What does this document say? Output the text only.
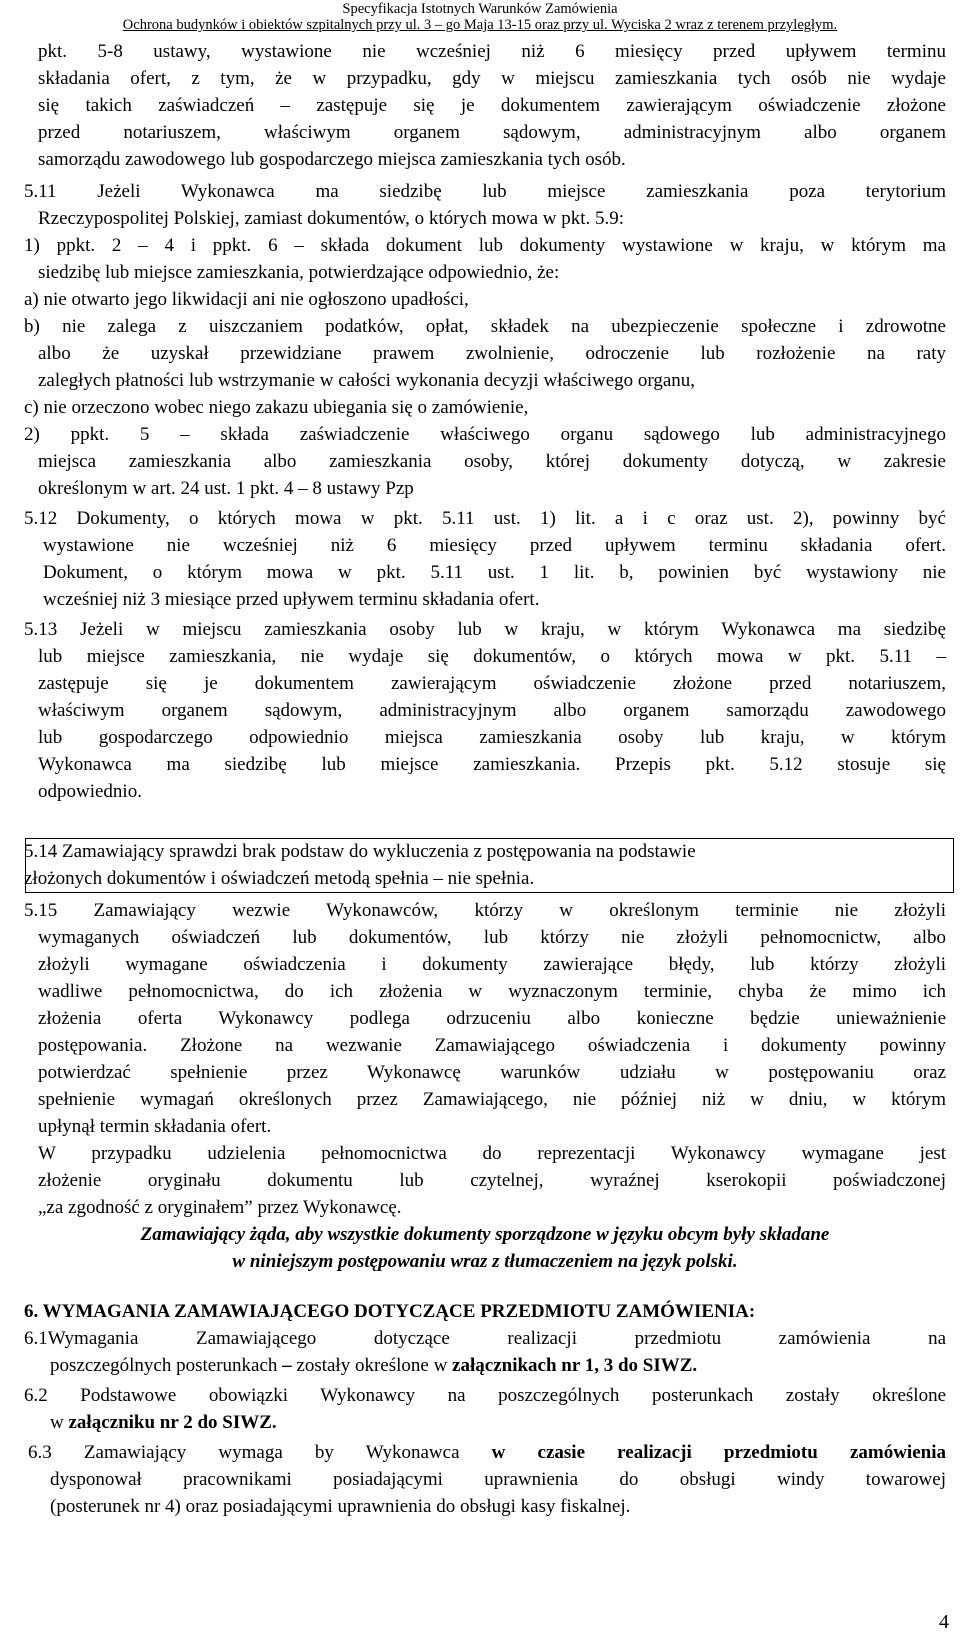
Specyfikacja Istotnych Warunków Zamówienia
Ochrona budynków i obiektów szpitalnych przy ul. 3 – go Maja 13-15 oraz przy ul. Wyciska 2 wraz z terenem przyległym.
pkt. 5-8 ustawy, wystawione nie wcześniej niż 6 miesięcy przed upływem terminu
składania ofert, z tym, że w przypadku, gdy w miejscu zamieszkania tych osób nie wydaje
się takich zaświadczeń – zastępuje się je dokumentem zawierającym oświadczenie złożone
przed notariuszem, właściwym organem sądowym, administracyjnym albo organem
samorządu zawodowego lub gospodarczego miejsca zamieszkania tych osób.
5.11 Jeżeli Wykonawca ma siedzibę lub miejsce zamieszkania poza terytorium
Rzeczypospolitej Polskiej, zamiast dokumentów, o których mowa w pkt. 5.9:
1) ppkt. 2 – 4 i ppkt. 6 – składa dokument lub dokumenty wystawione w kraju, w którym ma
siedzibę lub miejsce zamieszkania, potwierdzające odpowiednio, że:
a) nie otwarto jego likwidacji ani nie ogłoszono upadłości,
b) nie zalega z uiszczaniem podatków, opłat, składek na ubezpieczenie społeczne i zdrowotne
albo że uzyskał przewidziane prawem zwolnienie, odroczenie lub rozłożenie na raty
zaległych płatności lub wstrzymanie w całości wykonania decyzji właściwego organu,
c) nie orzeczono wobec niego zakazu ubiegania się o zamówienie,
2) ppkt. 5 – składa zaświadczenie właściwego organu sądowego lub administracyjnego
miejsca zamieszkania albo zamieszkania osoby, której dokumenty dotyczą, w zakresie
określonym w art. 24 ust. 1 pkt. 4 – 8 ustawy Pzp
5.12 Dokumenty, o których mowa w pkt. 5.11 ust. 1) lit. a i c oraz ust. 2), powinny być
wystawione nie wcześniej niż 6 miesięcy przed upływem terminu składania ofert.
Dokument, o którym mowa w pkt. 5.11 ust. 1 lit. b, powinien być wystawiony nie
wcześniej niż 3 miesiące przed upływem terminu składania ofert.
5.13 Jeżeli w miejscu zamieszkania osoby lub w kraju, w którym Wykonawca ma siedzibę
lub miejsce zamieszkania, nie wydaje się dokumentów, o których mowa w pkt. 5.11 –
zastępuje się je dokumentem zawierającym oświadczenie złożone przed notariuszem,
właściwym organem sądowym, administracyjnym albo organem samorządu zawodowego
lub gospodarczego odpowiednio miejsca zamieszkania osoby lub kraju, w którym
Wykonawca ma siedzibę lub miejsce zamieszkania. Przepis pkt. 5.12 stosuje się
odpowiednio.
5.14 Zamawiający sprawdzi brak podstaw do wykluczenia z postępowania na podstawie
złożonych dokumentów i oświadczeń metodą spełnia – nie spełnia.
5.15 Zamawiający wezwie Wykonawców, którzy w określonym terminie nie złożyli
wymaganych oświadczeń lub dokumentów, lub którzy nie złożyli pełnomocnictw, albo
złożyli wymagane oświadczenia i dokumenty zawierające błędy, lub którzy złożyli
wadliwe pełnomocnictwa, do ich złożenia w wyznaczonym terminie, chyba że mimo ich
złożenia oferta Wykonawcy podlega odrzuceniu albo konieczne będzie unieważnienie
postępowania. Złożone na wezwanie Zamawiającego oświadczenia i dokumenty powinny
potwierdzać spełnienie przez Wykonawcę warunków udziału w postępowaniu oraz
spełnienie wymagań określonych przez Zamawiającego, nie później niż w dniu, w którym
upłynął termin składania ofert.
W przypadku udzielenia pełnomocnictwa do reprezentacji Wykonawcy wymagane jest
złożenie oryginału dokumentu lub czytelnej, wyraźnej kserokopii poświadczonej
„za zgodność z oryginałem” przez Wykonawcę.
Zamawiający żąda, aby wszystkie dokumenty sporządzone w języku obcym były składane
w niniejszym postępowaniu wraz z tłumaczeniem na język polski.
6. WYMAGANIA ZAMAWIAJĄCEGO DOTYCZĄCE PRZEDMIOTU ZAMÓWIENIA:
6.1Wymagania Zamawiającego dotyczące realizacji przedmiotu zamówienia na
poszczególnych posterunkach – zostały określone w załącznikach nr 1, 3 do SIWZ.
6.2 Podstawowe obowiązki Wykonawcy na poszczególnych posterunkach zostały określone
w załączniku nr 2 do SIWZ.
6.3 Zamawiający wymaga by Wykonawca w czasie realizacji przedmiotu zamówienia
dysponował pracownikami posiadającymi uprawnienia do obsługi windy towarowej
(posterunek nr 4) oraz posiadającymi uprawnienia do obsługi kasy fiskalnej.
4
